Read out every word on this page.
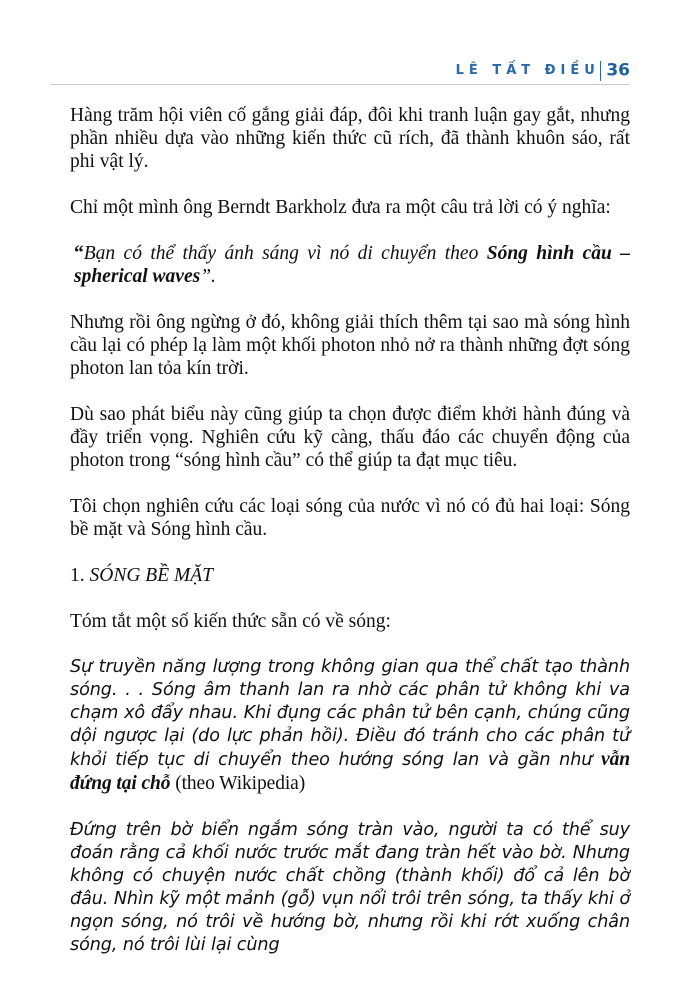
LÊ TẤT ĐIỀU 36

Hàng trăm hội viên cố gắng giải đáp, đôi khi tranh luận gay gắt, nhưng phần nhiều dựa vào những kiến thức cũ rích, đã thành khuôn sáo, rất phi vật lý.

Chỉ một mình ông Berndt Barkholz đưa ra một câu trả lời có ý nghĩa:

“Bạn có thể thấy ánh sáng vì nó di chuyển theo Sóng hình cầu – spherical waves”.

Nhưng rồi ông ngừng ở đó, không giải thích thêm tại sao mà sóng hình cầu lại có phép lạ làm một khối photon nhỏ nở ra thành những đợt sóng photon lan tỏa kín trời.

Dù sao phát biểu này cũng giúp ta chọn được điểm khởi hành đúng và đầy triển vọng. Nghiên cứu kỹ càng, thấu đáo các chuyển động của photon trong “sóng hình cầu” có thể giúp ta đạt mục tiêu.

Tôi chọn nghiên cứu các loại sóng của nước vì nó có đủ hai loại: Sóng bề mặt và Sóng hình cầu.

1. SÓNG BỀ MẶT

Tóm tắt một số kiến thức sẵn có về sóng:

Sự truyền năng lượng trong không gian qua thể chất tạo thành sóng. . . Sóng âm thanh lan ra nhờ các phân tử không khi va chạm xô đẩy nhau. Khi đụng các phân tử bên cạnh, chúng cũng dội ngược lại (do lực phản hồi). Điều đó tránh cho các phân tử khỏi tiếp tục di chuyển theo hướng sóng lan và gần như vẫn đứng tại chỗ (theo Wikipedia)

Đứng trên bờ biển ngắm sóng tràn vào, người ta có thể suy đoán rằng cả khối nước trước mắt đang tràn hết vào bờ. Nhưng không có chuyện nước chất chồng (thành khối) đổ cả lên bờ đâu. Nhìn kỹ một mảnh (gỗ) vụn nổi trôi trên sóng, ta thấy khi ở ngọn sóng, nó trôi về hướng bờ, nhưng rồi khi rớt xuống chân sóng, nó trôi lùi lại cùng
